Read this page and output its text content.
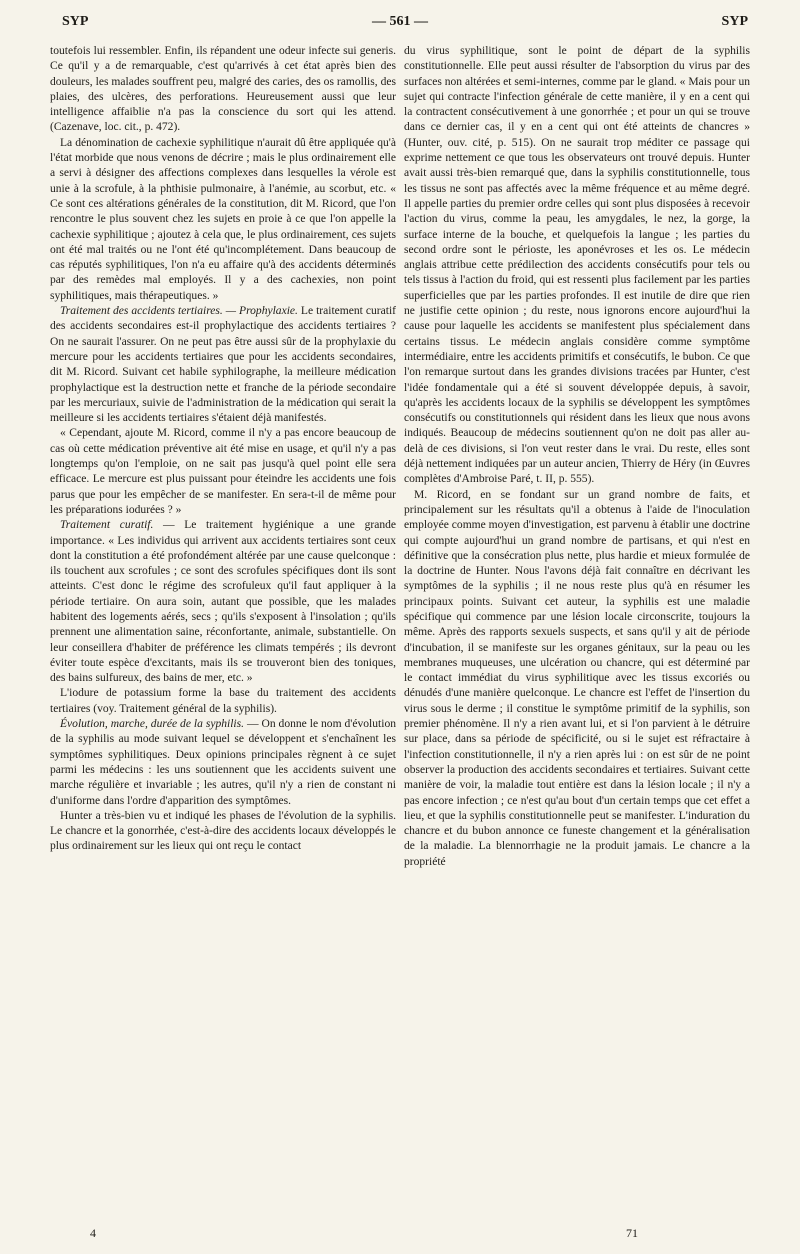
SYP	— 561 —	SYP

toutefois lui ressembler. Enfin, ils répandent une odeur infecte sui generis. Ce qu'il y a de remarquable, c'est qu'arrivés à cet état après bien des douleurs, les malades souffrent peu, malgré des caries, des os ramollis, des plaies, des ulcères, des perforations. Heureusement aussi que leur intelligence affaiblie n'a pas la conscience du sort qui les attend. (Cazenave, loc. cit., p. 472).

La dénomination de cachexie syphilitique n'aurait dû être appliquée qu'à l'état morbide que nous venons de décrire ; mais le plus ordinairement elle a servi à désigner des affections complexes dans lesquelles la vérole est unie à la scrofule, à la phthisie pulmonaire, à l'anémie, au scorbut, etc. « Ce sont ces altérations générales de la constitution, dit M. Ricord, que l'on rencontre le plus souvent chez les sujets en proie à ce que l'on appelle la cachexie syphilitique ; ajoutez à cela que, le plus ordinairement, ces sujets ont été mal traités ou ne l'ont été qu'incomplétement. Dans beaucoup de cas réputés syphilitiques, l'on n'a eu affaire qu'à des accidents déterminés par des remèdes mal employés. Il y a des cachexies, non point syphilitiques, mais thérapeutiques. »

Traitement des accidents tertiaires. — Prophylaxie. Le traitement curatif des accidents secondaires est-il prophylactique des accidents tertiaires ? On ne saurait l'assurer. On ne peut pas être aussi sûr de la prophylaxie du mercure pour les accidents tertiaires que pour les accidents secondaires, dit M. Ricord. Suivant cet habile syphilographe, la meilleure médication prophylactique est la destruction nette et franche de la période secondaire par les mercuriaux, suivie de l'administration de la médication qui serait la meilleure si les accidents tertiaires s'étaient déjà manifestés.

« Cependant, ajoute M. Ricord, comme il n'y a pas encore beaucoup de cas où cette médication préventive ait été mise en usage, et qu'il n'y a pas longtemps qu'on l'emploie, on ne sait pas jusqu'à quel point elle sera efficace. Le mercure est plus puissant pour éteindre les accidents une fois parus que pour les empêcher de se manifester. En sera-t-il de même pour les préparations iodurées ? »

Traitement curatif. — Le traitement hygiénique a une grande importance. « Les individus qui arrivent aux accidents tertiaires sont ceux dont la constitution a été profondément altérée par une cause quelconque : ils touchent aux scrofules ; ce sont des scrofules spécifiques dont ils sont atteints. C'est donc le régime des scrofuleux qu'il faut appliquer à la période tertiaire. On aura soin, autant que possible, que les malades habitent des logements aérés, secs ; qu'ils s'exposent à l'insolation ; qu'ils prennent une alimentation saine, réconfortante, animale, substantielle. On leur conseillera d'habiter de préférence les climats tempérés ; ils devront éviter toute espèce d'excitants, mais ils se trouveront bien des toniques, des bains sulfureux, des bains de mer, etc. »

L'iodure de potassium forme la base du traitement des accidents tertiaires (voy. Traitement général de la syphilis).

Évolution, marche, durée de la syphilis. — On donne le nom d'évolution de la syphilis au mode suivant lequel se développent et s'enchaînent les symptômes syphilitiques. Deux opinions principales règnent à ce sujet parmi les médecins : les uns soutiennent que les accidents suivent une marche régulière et invariable ; les autres, qu'il n'y a rien de constant ni d'uniforme dans l'ordre d'apparition des symptômes.

Hunter a très-bien vu et indiqué les phases de l'évolution de la syphilis. Le chancre et la gonorrhée, c'est-à-dire des accidents locaux développés le plus ordinairement sur les lieux qui ont reçu le contact

du virus syphilitique, sont le point de départ de la syphilis constitutionnelle. Elle peut aussi résulter de l'absorption du virus par des surfaces non altérées et semi-internes, comme par le gland. « Mais pour un sujet qui contracte l'infection générale de cette manière, il y en a cent qui la contractent consécutivement à une gonorrhée ; et pour un qui se trouve dans ce dernier cas, il y en a cent qui ont été atteints de chancres » (Hunter, ouv. cité, p. 515). On ne saurait trop méditer ce passage qui exprime nettement ce que tous les observateurs ont trouvé depuis. Hunter avait aussi très-bien remarqué que, dans la syphilis constitutionnelle, tous les tissus ne sont pas affectés avec la même fréquence et au même degré. Il appelle parties du premier ordre celles qui sont plus disposées à recevoir l'action du virus, comme la peau, les amygdales, le nez, la gorge, la surface interne de la bouche, et quelquefois la langue ; les parties du second ordre sont le périoste, les aponévroses et les os. Le médecin anglais attribue cette prédilection des accidents consécutifs pour tels ou tels tissus à l'action du froid, qui est ressenti plus facilement par les parties superficielles que par les parties profondes. Il est inutile de dire que rien ne justifie cette opinion ; du reste, nous ignorons encore aujourd'hui la cause pour laquelle les accidents se manifestent plus spécialement dans certains tissus. Le médecin anglais considère comme symptôme intermédiaire, entre les accidents primitifs et consécutifs, le bubon. Ce que l'on remarque surtout dans les grandes divisions tracées par Hunter, c'est l'idée fondamentale qui a été si souvent développée depuis, à savoir, qu'après les accidents locaux de la syphilis se développent les symptômes consécutifs ou constitutionnels qui résident dans les lieux que nous avons indiqués. Beaucoup de médecins soutiennent qu'on ne doit pas aller au-delà de ces divisions, si l'on veut rester dans le vrai. Du reste, elles sont déjà nettement indiquées par un auteur ancien, Thierry de Héry (in Œuvres complètes d'Ambroise Paré, t. II, p. 555).

M. Ricord, en se fondant sur un grand nombre de faits, et principalement sur les résultats qu'il a obtenus à l'aide de l'inoculation employée comme moyen d'investigation, est parvenu à établir une doctrine qui compte aujourd'hui un grand nombre de partisans, et qui n'est en définitive que la consécration plus nette, plus hardie et mieux formulée de la doctrine de Hunter. Nous l'avons déjà fait connaître en décrivant les symptômes de la syphilis ; il ne nous reste plus qu'à en résumer les principaux points. Suivant cet auteur, la syphilis est une maladie spécifique qui commence par une lésion locale circonscrite, toujours la même. Après des rapports sexuels suspects, et sans qu'il y ait de période d'incubation, il se manifeste sur les organes génitaux, sur la peau ou les membranes muqueuses, une ulcération ou chancre, qui est déterminé par le contact immédiat du virus syphilitique avec les tissus excoriés ou dénudés d'une manière quelconque. Le chancre est l'effet de l'insertion du virus sous le derme ; il constitue le symptôme primitif de la syphilis, son premier phénomène. Il n'y a rien avant lui, et si l'on parvient à le détruire sur place, dans sa période de spécificité, ou si le sujet est réfractaire à l'infection constitutionnelle, il n'y a rien après lui : on est sûr de ne point observer la production des accidents secondaires et tertiaires. Suivant cette manière de voir, la maladie tout entière est dans la lésion locale ; il n'y a pas encore infection ; ce n'est qu'au bout d'un certain temps que cet effet a lieu, et que la syphilis constitutionnelle peut se manifester. L'induration du chancre et du bubon annonce ce funeste changement et la généralisation de la maladie. La blennorrhagie ne la produit jamais. Le chancre a la propriété

4	71
